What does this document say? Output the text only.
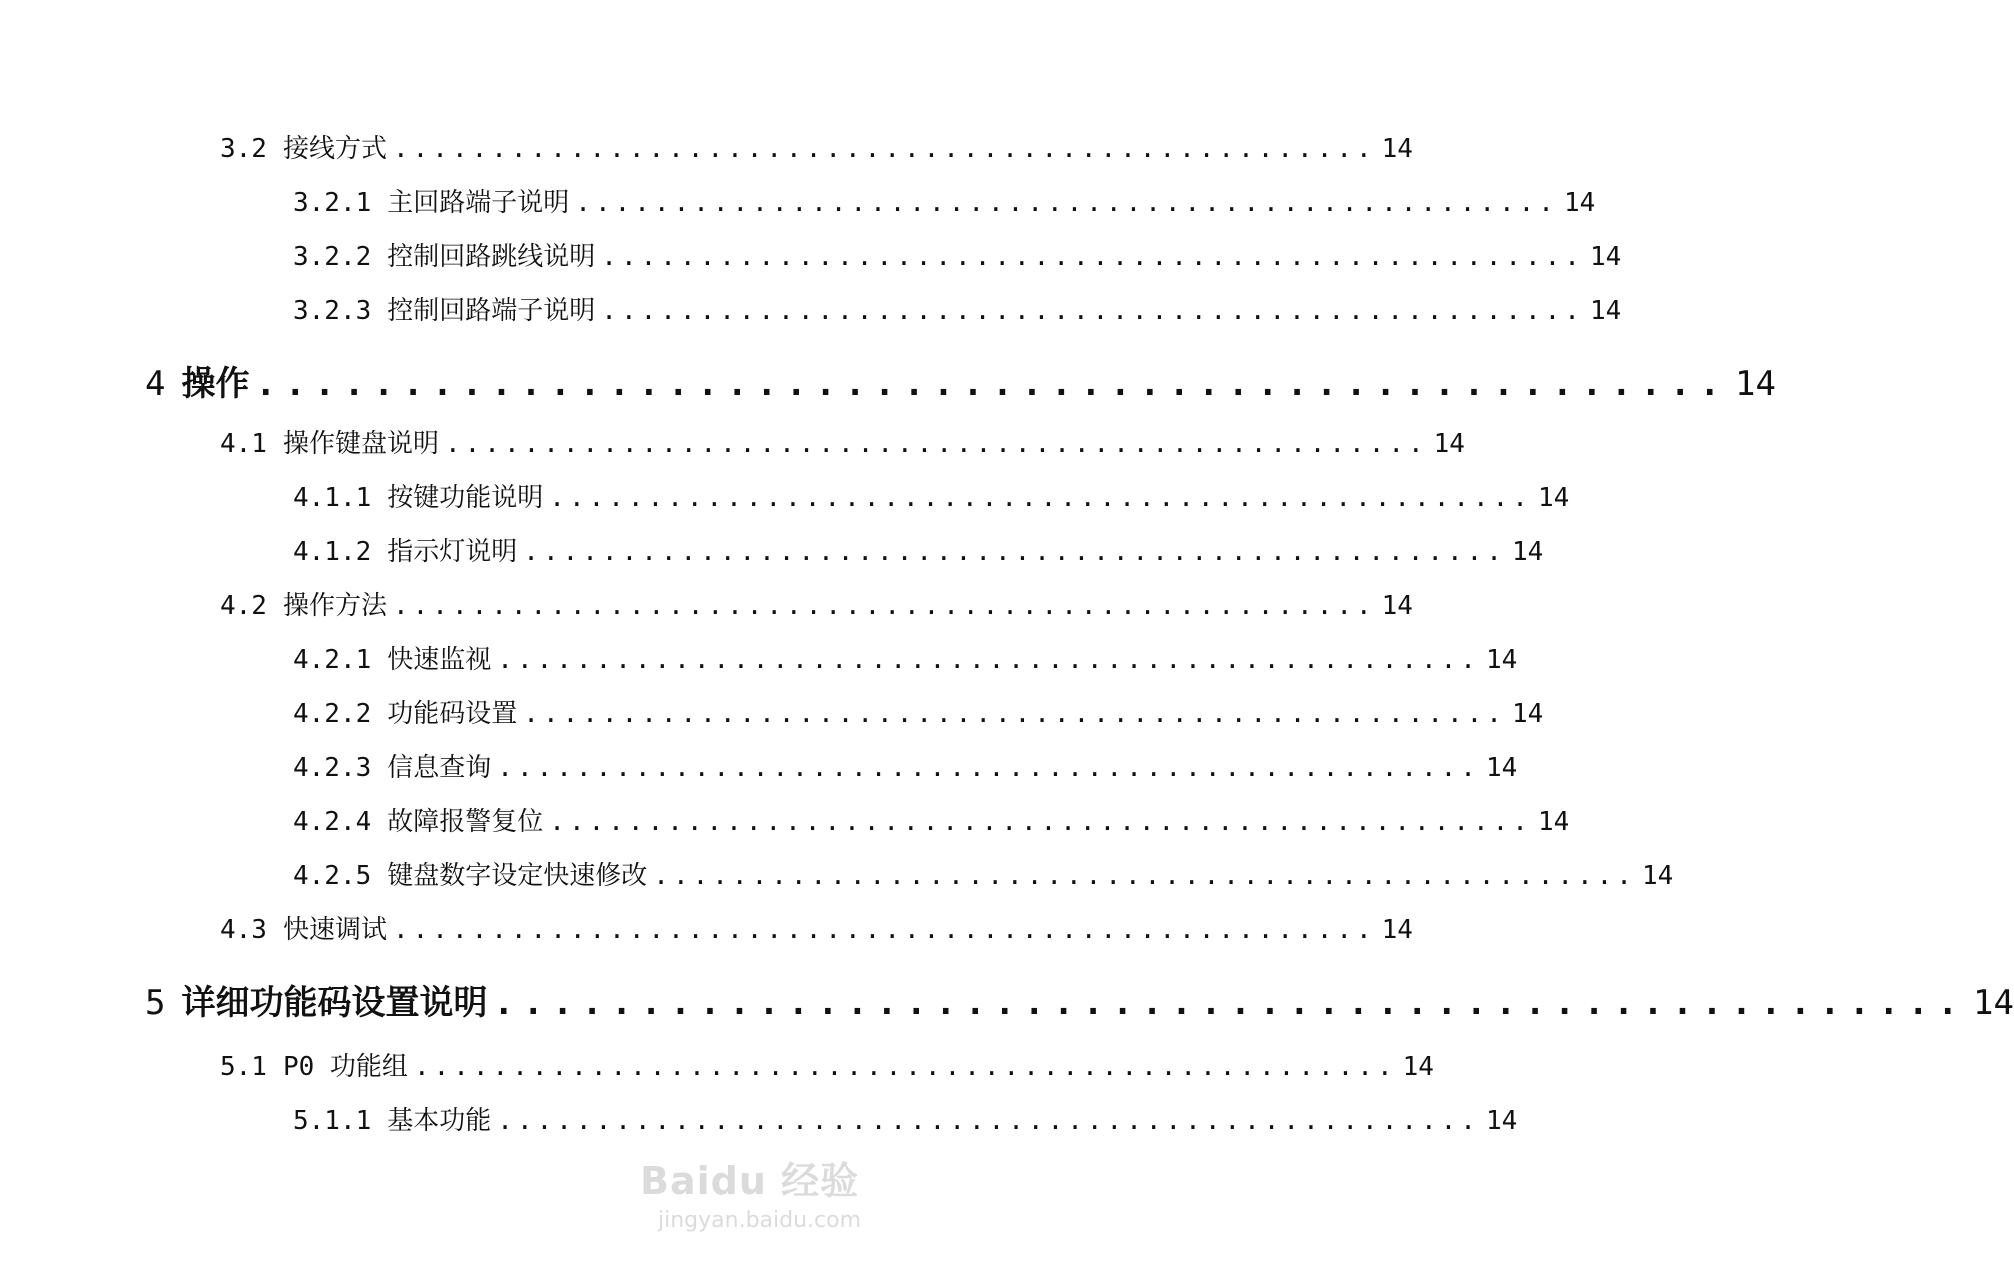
3.2 接线方式 .................................................. 14
3.2.1 主回路端子说明 .................................................. 14
3.2.2 控制回路跳线说明 .................................................. 14
3.2.3 控制回路端子说明 .................................................. 14
4 操作 .................................................. 14
4.1 操作键盘说明 .................................................. 14
4.1.1 按键功能说明 .................................................. 14
4.1.2 指示灯说明 .................................................. 14
4.2 操作方法 .................................................. 14
4.2.1 快速监视 .................................................. 14
4.2.2 功能码设置 .................................................. 14
4.2.3 信息查询 .................................................. 14
4.2.4 故障报警复位 .................................................. 14
4.2.5 键盘数字设定快速修改 .................................................. 14
4.3 快速调试 .................................................. 14
5 详细功能码设置说明 .................................................. 14
5.1 P0 功能组 .................................................. 14
5.1.1 基本功能 .................................................. 14
Baidu 经验
jingyan.baidu.com
